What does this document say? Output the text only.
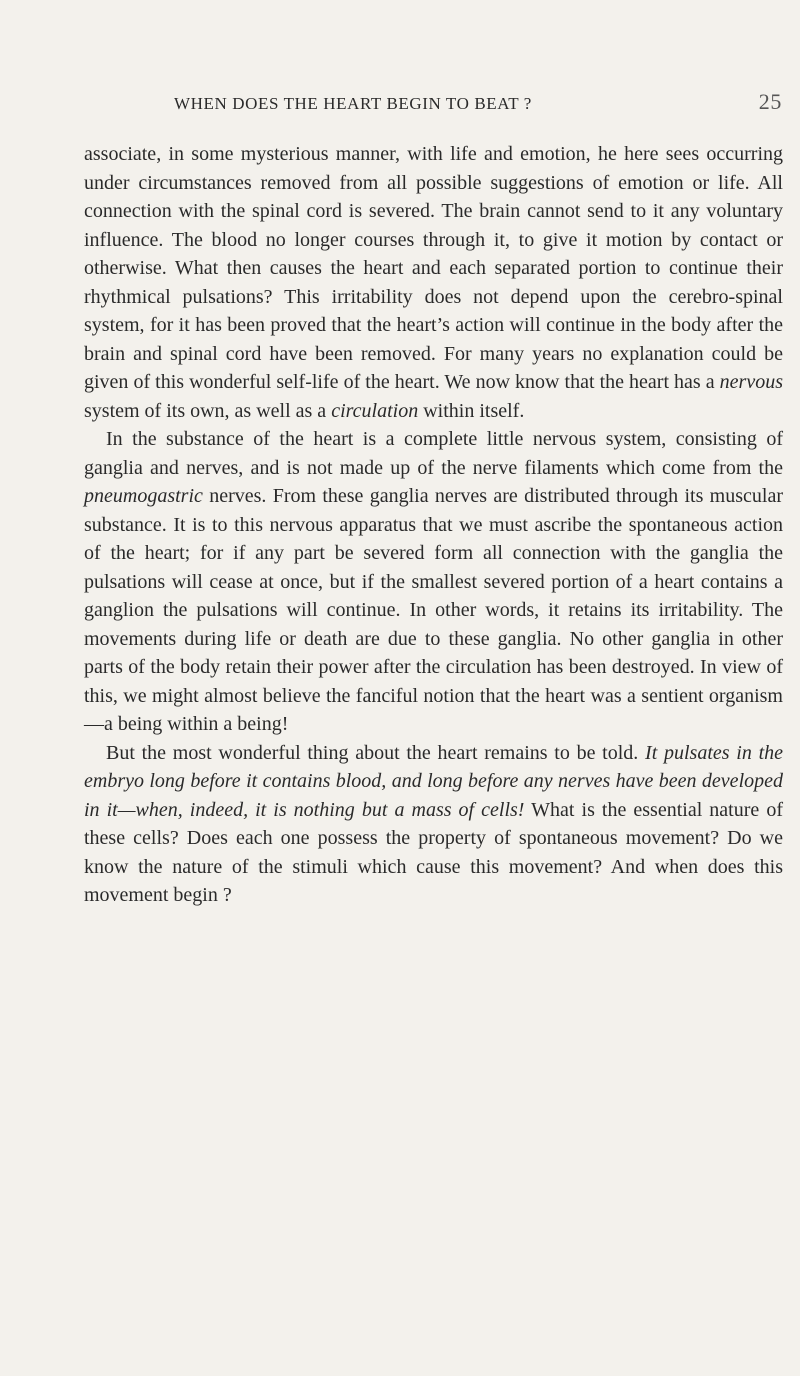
WHEN DOES THE HEART BEGIN TO BEAT ?	25

associate, in some mysterious manner, with life and emotion, he here sees occurring under circumstances removed from all possible suggestions of emotion or life. All connection with the spinal cord is severed. The brain cannot send to it any voluntary influence. The blood no longer courses through it, to give it motion by contact or otherwise. What then causes the heart and each separated portion to continue their rhythmical pulsations? This irritability does not depend upon the cerebro-spinal system, for it has been proved that the heart’s action will continue in the body after the brain and spinal cord have been removed. For many years no explanation could be given of this wonderful self-life of the heart. We now know that the heart has a nervous system of its own, as well as a circulation within itself.

In the substance of the heart is a complete little nervous system, consisting of ganglia and nerves, and is not made up of the nerve filaments which come from the pneumogastric nerves. From these ganglia nerves are distributed through its muscular substance. It is to this nervous apparatus that we must ascribe the spontaneous action of the heart; for if any part be severed form all connection with the ganglia the pulsations will cease at once, but if the smallest severed portion of a heart contains a ganglion the pulsations will continue. In other words, it retains its irritability. The movements during life or death are due to these ganglia. No other ganglia in other parts of the body retain their power after the circulation has been destroyed. In view of this, we might almost believe the fanciful notion that the heart was a sentient organism—a being within a being!

But the most wonderful thing about the heart remains to be told. It pulsates in the embryo long before it contains blood, and long before any nerves have been developed in it—when, indeed, it is nothing but a mass of cells! What is the essential nature of these cells? Does each one possess the property of spontaneous movement? Do we know the nature of the stimuli which cause this movement? And when does this movement begin ?
